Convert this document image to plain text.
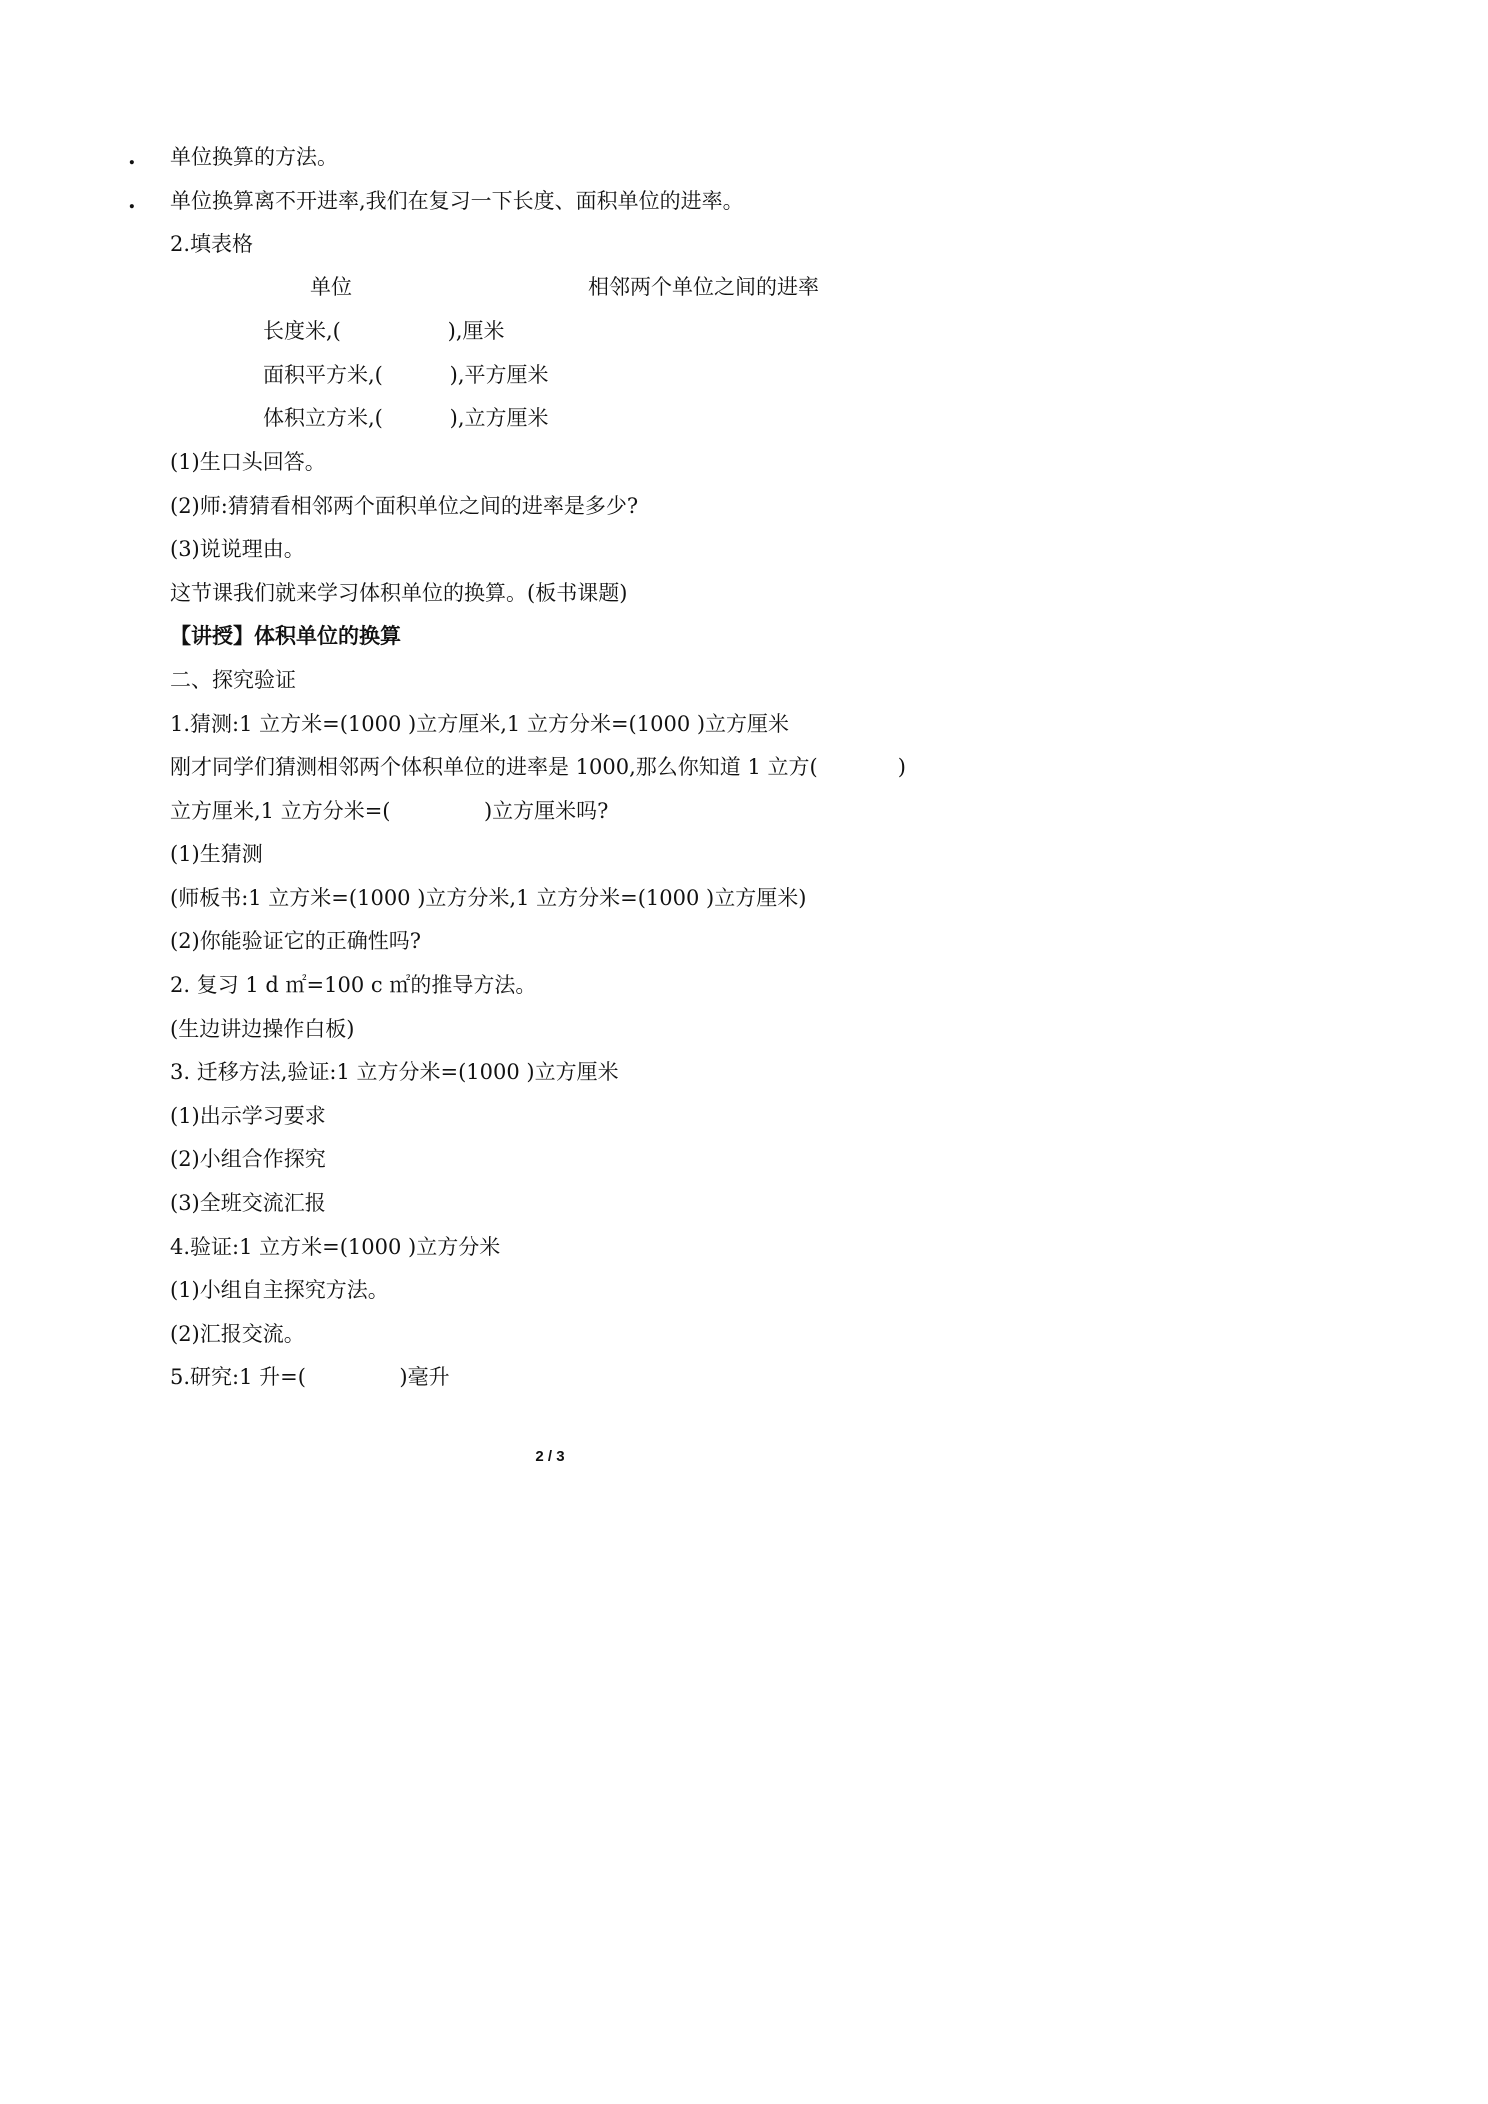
. 单位换算的方法。
. 单位换算离不开进率,我们在复习一下长度、面积单位的进率。
2.填表格
单位	相邻两个单位之间的进率
长度米,(                ),厘米
面积平方米,(          ),平方厘米
体积立方米,(          ),立方厘米
(1)生口头回答。
(2)师:猜猜看相邻两个面积单位之间的进率是多少?
(3)说说理由。
这节课我们就来学习体积单位的换算。(板书课题)
【讲授】体积单位的换算
二、探究验证
1.猜测:1 立方米=(1000 )立方厘米,1 立方分米=(1000 )立方厘米
刚才同学们猜测相邻两个体积单位的进率是 1000,那么你知道 1 立方(            )
立方厘米,1 立方分米=(              )立方厘米吗?
(1)生猜测
(师板书:1 立方米=(1000 )立方分米,1 立方分米=(1000 )立方厘米)
(2)你能验证它的正确性吗?
2. 复习 1 d ㎡=100 c ㎡的推导方法。
(生边讲边操作白板)
3. 迁移方法,验证:1 立方分米=(1000 )立方厘米
(1)出示学习要求
(2)小组合作探究
(3)全班交流汇报
4.验证:1 立方米=(1000 )立方分米
(1)小组自主探究方法。
(2)汇报交流。
5.研究:1 升=(              )毫升
2 / 3
